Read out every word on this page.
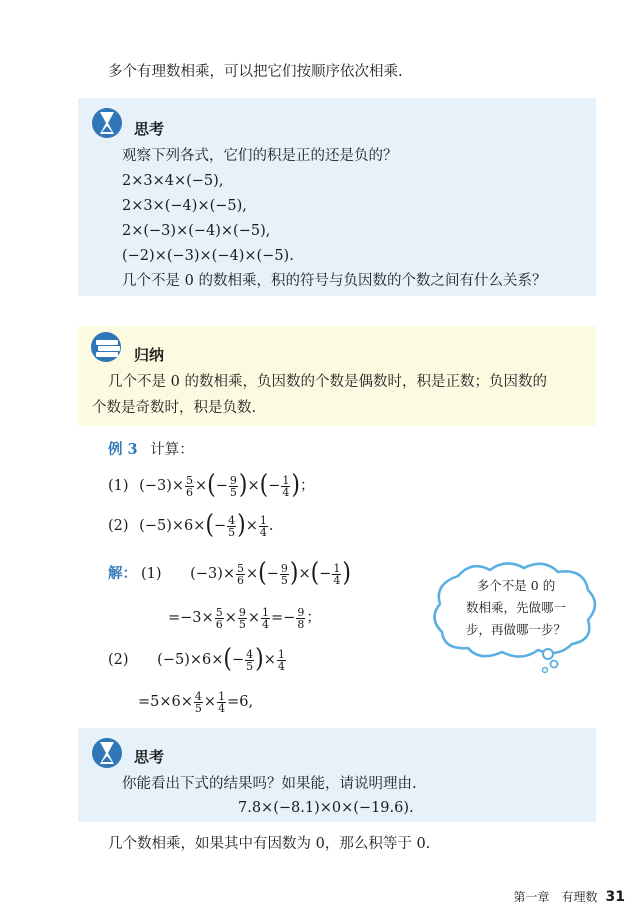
多个有理数相乘，可以把它们按顺序依次相乘.
思考
观察下列各式，它们的积是正的还是负的？
2×3×4×(−5),
2×3×(−4)×(−5),
2×(−3)×(−4)×(−5),
(−2)×(−3)×(−4)×(−5).
几个不是 0 的数相乘，积的符号与负因数的个数之间有什么关系？
归纳
几个不是 0 的数相乘，负因数的个数是偶数时，积是正数；负因数的
个数是奇数时，积是负数.
例 3 计算：
(1) $(-3)\times \frac{5}{6}$ ×(− $\frac{9}{5}$ )×(− $\frac{1}{4}$ )；
(2) $(-5)\times 6\times(- \frac{4}{5}$ )× $\frac{1}{4}$ .
解： (1) $(-3)\times \frac{5}{6}$ ×(− $\frac{9}{5}$ )×(− $\frac{1}{4}$ )
$=-3\times \frac{5}{6} \times \frac{9}{5} \times \frac{1}{4} =- \frac{9}{8}$ ；
(2) $(-5)\times 6\times(- \frac{4}{5}$ )× $\frac{1}{4}$
$=5\times 6\times \frac{4}{5} \times \frac{1}{4} =6$,
多个不是 0 的
数相乘，先做哪一
步，再做哪一步？
思考
你能看出下式的结果吗？如果能，请说明理由.
7.8×(−8.1)×0×(−19.6).
几个数相乘，如果其中有因数为 0，那么积等于 0.
第一章　有理数 31
